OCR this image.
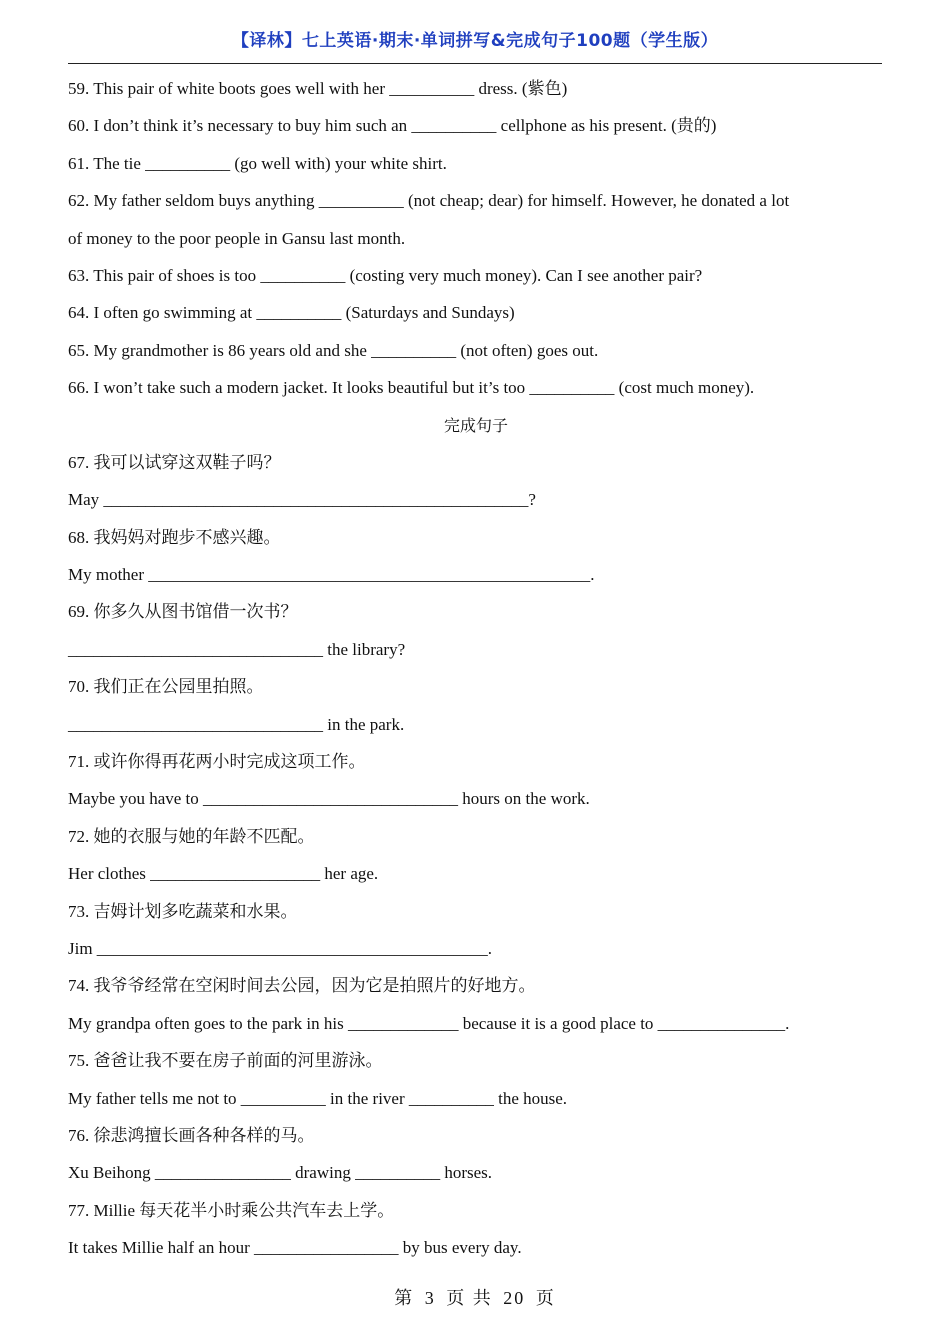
【译林】七上英语·期末·单词拼写&完成句子100题（学生版）
59. This pair of white boots goes well with her __________ dress. (紫色)
60. I don’t think it’s necessary to buy him such an __________ cellphone as his present. (贵的)
61. The tie __________ (go well with) your white shirt.
62. My father seldom buys anything __________ (not cheap; dear) for himself. However, he donated a lot
of money to the poor people in Gansu last month.
63. This pair of shoes is too __________ (costing very much money). Can I see another pair?
64. I often go swimming at __________ (Saturdays and Sundays)
65. My grandmother is 86 years old and she __________ (not often) goes out.
66. I won’t take such a modern jacket. It looks beautiful but it’s too __________ (cost much money).
完成句子
67. 我可以试穿这双鞋子吗？
May __________________________________________________?
68. 我妈妈对跑步不感兴趣。
My mother ____________________________________________________.
69. 你多久从图书馆借一次书？
______________________________ the library?
70. 我们正在公园里拍照。
______________________________ in the park.
71. 或许你得再花两小时完成这项工作。
Maybe you have to ______________________________ hours on the work.
72. 她的衣服与她的年龄不匹配。
Her clothes ____________________ her age.
73. 吉姆计划多吃蔬菜和水果。
Jim ______________________________________________.
74. 我爷爷经常在空闲时间去公园，因为它是拍照片的好地方。
My grandpa often goes to the park in his _____________ because it is a good place to _______________.
75. 爸爸让我不要在房子前面的河里游泳。
My father tells me not to __________ in the river __________ the house.
76. 徐悲鸿擅长画各种各样的马。
Xu Beihong ________________ drawing __________ horses.
77. Millie 每天花半小时乘公共汽车去上学。
It takes Millie half an hour _________________ by bus every day.
第 3 页 共 20 页
